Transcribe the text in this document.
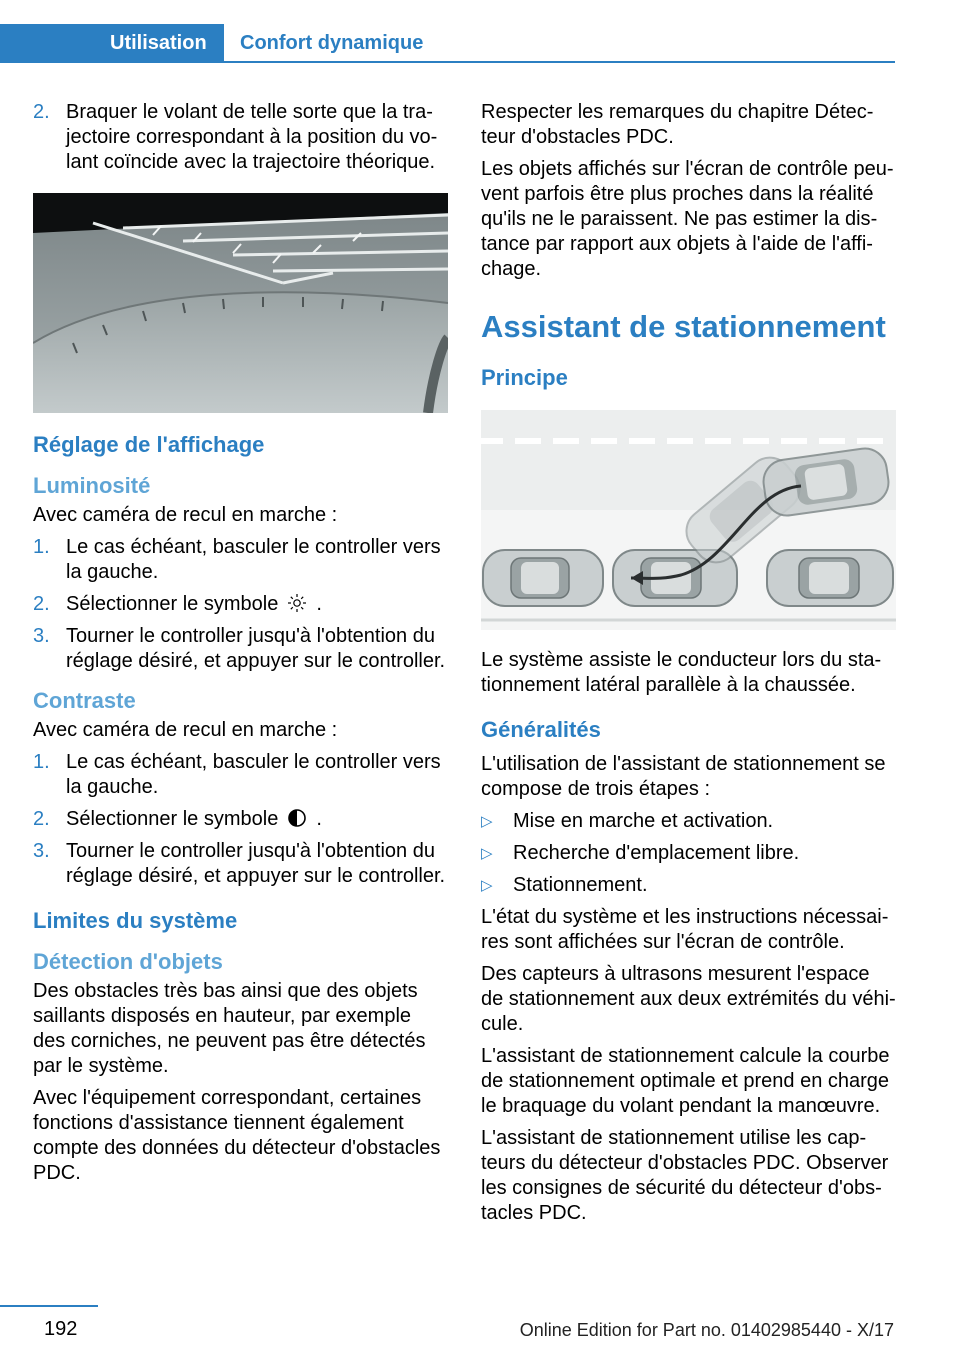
Utilisation	Confort dynamique
2. Braquer le volant de telle sorte que la trajectoire correspondant à la position du volant coïncide avec la trajectoire théorique.
Réglage de l'affichage
Luminosité

Avec caméra de recul en marche :

1. Le cas échéant, basculer le controller vers la gauche.
2. Sélectionner le symbole .
3. Tourner le controller jusqu'à l'obtention du réglage désiré, et appuyer sur le controller.
Contraste

Avec caméra de recul en marche :

1. Le cas échéant, basculer le controller vers la gauche.
2. Sélectionner le symbole .
3. Tourner le controller jusqu'à l'obtention du réglage désiré, et appuyer sur le controller.
Limites du système
Détection d'objets

Des obstacles très bas ainsi que des objets saillants disposés en hauteur, par exemple des corniches, ne peuvent pas être détectés par le système.

Avec l'équipement correspondant, certaines fonctions d'assistance tiennent également compte des données du détecteur d'obstacles PDC.

Respecter les remarques du chapitre Détecteur d'obstacles PDC.

Les objets affichés sur l'écran de contrôle peuvent parfois être plus proches dans la réalité qu'ils ne le paraissent. Ne pas estimer la distance par rapport aux objets à l'aide de l'affichage.

Assistant de stationnement
Principe

Le système assiste le conducteur lors du stationnement latéral parallèle à la chaussée.

Généralités

L'utilisation de l'assistant de stationnement se compose de trois étapes :

▷ Mise en marche et activation.
▷ Recherche d'emplacement libre.
▷ Stationnement.

L'état du système et les instructions nécessaires sont affichées sur l'écran de contrôle.

Des capteurs à ultrasons mesurent l'espace de stationnement aux deux extrémités du véhicule.

L'assistant de stationnement calcule la courbe de stationnement optimale et prend en charge le braquage du volant pendant la manœuvre.

L'assistant de stationnement utilise les capteurs du détecteur d'obstacles PDC. Observer les consignes de sécurité du détecteur d'obstacles PDC.

192	Online Edition for Part no. 01402985440 - X/17
